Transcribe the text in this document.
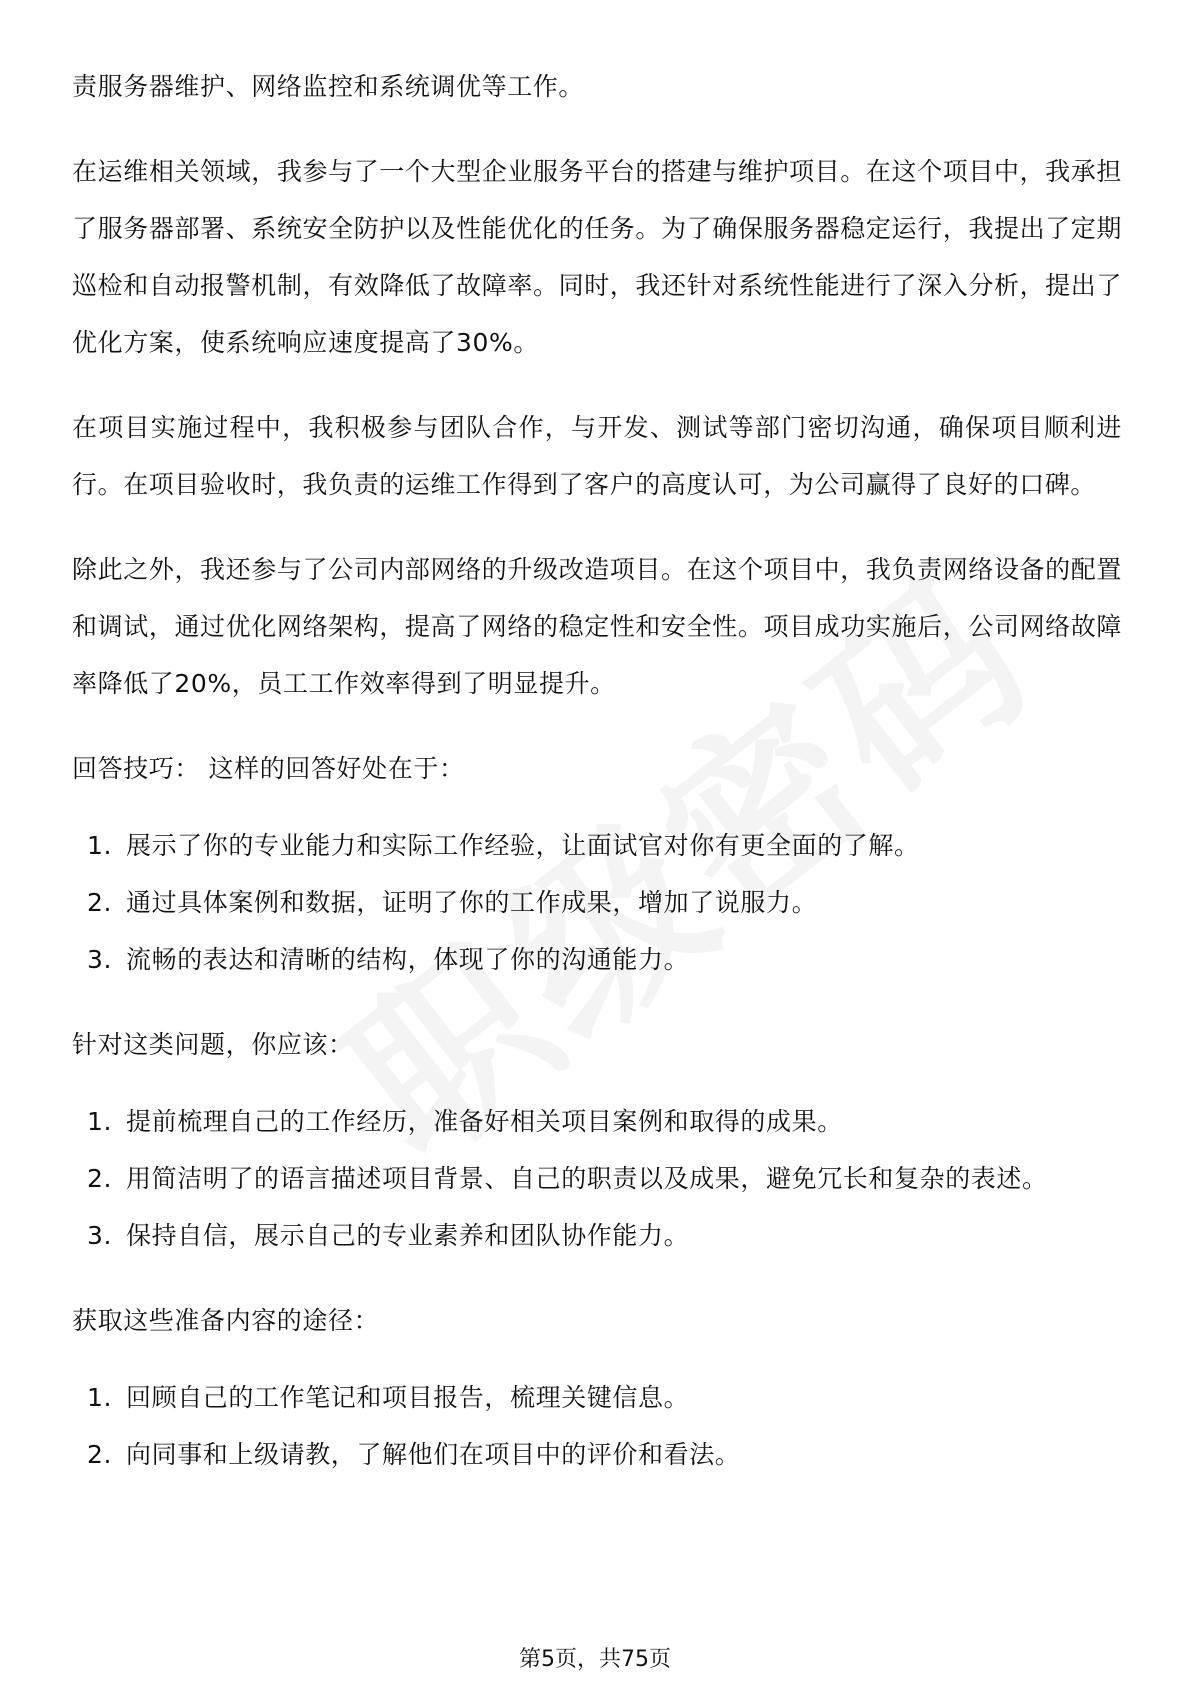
责服务器维护、网络监控和系统调优等工作。

在运维相关领域，我参与了一个大型企业服务平台的搭建与维护项目。在这个项目中，我承担了服务器部署、系统安全防护以及性能优化的任务。为了确保服务器稳定运行，我提出了定期巡检和自动报警机制，有效降低了故障率。同时，我还针对系统性能进行了深入分析，提出了优化方案，使系统响应速度提高了30%。

在项目实施过程中，我积极参与团队合作，与开发、测试等部门密切沟通，确保项目顺利进行。在项目验收时，我负责的运维工作得到了客户的高度认可，为公司赢得了良好的口碑。

除此之外，我还参与了公司内部网络的升级改造项目。在这个项目中，我负责网络设备的配置和调试，通过优化网络架构，提高了网络的稳定性和安全性。项目成功实施后，公司网络故障率降低了20%，员工工作效率得到了明显提升。

回答技巧： 这样的回答好处在于：

1. 展示了你的专业能力和实际工作经验，让面试官对你有更全面的了解。
2. 通过具体案例和数据，证明了你的工作成果，增加了说服力。
3. 流畅的表达和清晰的结构，体现了你的沟通能力。

针对这类问题，你应该：

1. 提前梳理自己的工作经历，准备好相关项目案例和取得的成果。
2. 用简洁明了的语言描述项目背景、自己的职责以及成果，避免冗长和复杂的表述。
3. 保持自信，展示自己的专业素养和团队协作能力。

获取这些准备内容的途径：

1. 回顾自己的工作笔记和项目报告，梳理关键信息。
2. 向同事和上级请教，了解他们在项目中的评价和看法。
第5页，共75页
